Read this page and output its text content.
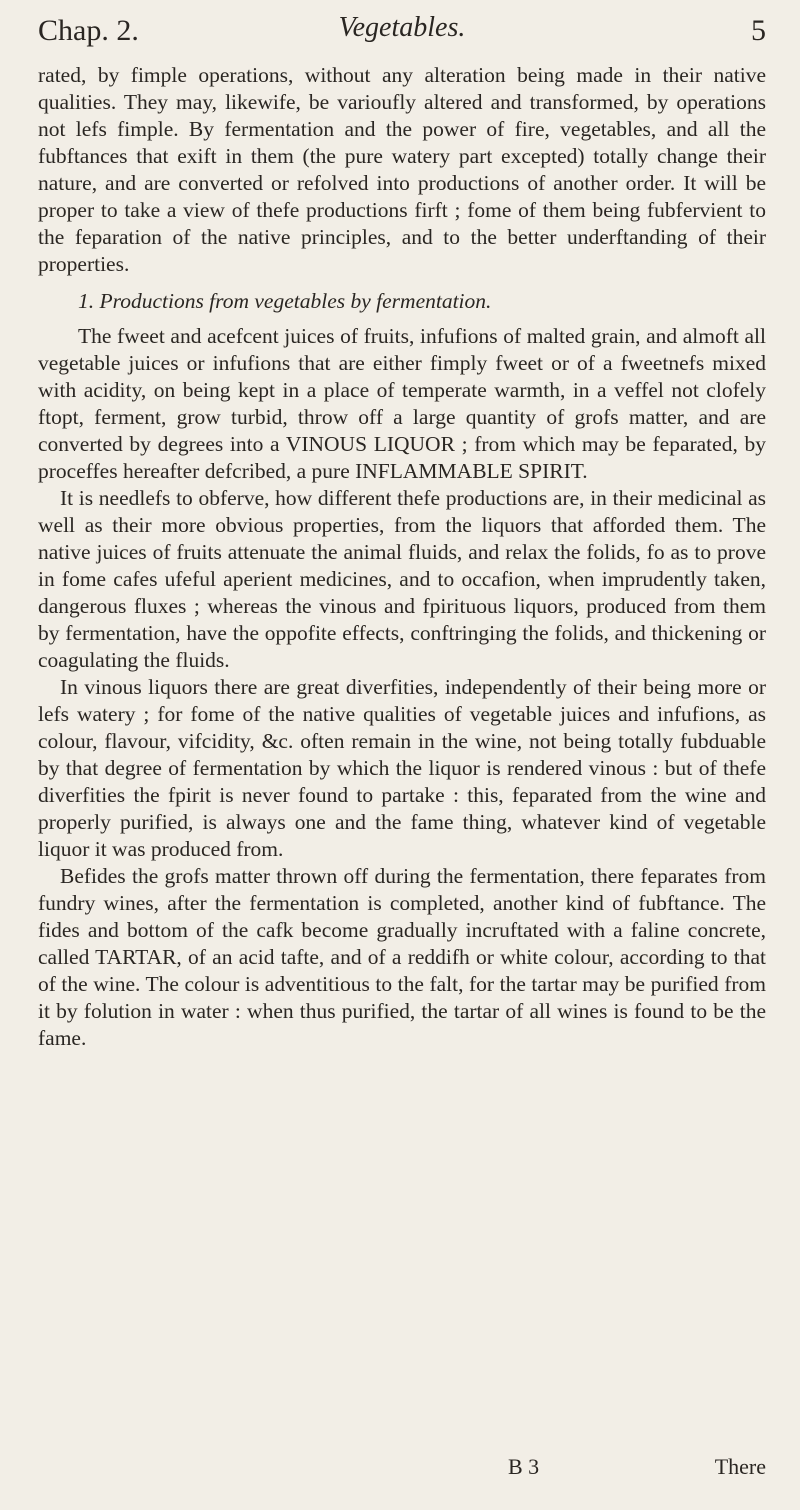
Chap. 2.	Vegetables.	5

rated, by fimple operations, without any alteration being made in their native qualities. They may, likewife, be varioufly altered and transformed, by operations not lefs fimple. By fermentation and the power of fire, vegetables, and all the fubftances that exift in them (the pure watery part excepted) totally change their nature, and are converted or refolved into productions of another order. It will be proper to take a view of thefe productions firft ; fome of them being fubfervient to the feparation of the native principles, and to the better underftanding of their properties.

1. Productions from vegetables by fermentation.

The fweet and acefcent juices of fruits, infufions of malted grain, and almoft all vegetable juices or infufions that are either fimply fweet or of a fweetnefs mixed with acidity, on being kept in a place of temperate warmth, in a veffel not clofely ftopt, ferment, grow turbid, throw off a large quantity of grofs matter, and are converted by degrees into a VINOUS LIQUOR ; from which may be feparated, by proceffes hereafter defcribed, a pure INFLAMMABLE SPIRIT.

It is needlefs to obferve, how different thefe productions are, in their medicinal as well as their more obvious properties, from the liquors that afforded them. The native juices of fruits attenuate the animal fluids, and relax the folids, fo as to prove in fome cafes ufeful aperient medicines, and to occafion, when imprudently taken, dangerous fluxes ; whereas the vinous and fpirituous liquors, produced from them by fermentation, have the oppofite effects, conftringing the folids, and thickening or coagulating the fluids.

In vinous liquors there are great diverfities, independently of their being more or lefs watery ; for fome of the native qualities of vegetable juices and infufions, as colour, flavour, vifcidity, &c. often remain in the wine, not being totally fubduable by that degree of fermentation by which the liquor is rendered vinous : but of thefe diverfities the fpirit is never found to partake : this, feparated from the wine and properly purified, is always one and the fame thing, whatever kind of vegetable liquor it was produced from.

Befides the grofs matter thrown off during the fermentation, there feparates from fundry wines, after the fermentation is completed, another kind of fubftance. The fides and bottom of the cafk become gradually incruftated with a faline concrete, called TARTAR, of an acid tafte, and of a reddifh or white colour, according to that of the wine. The colour is adventitious to the falt, for the tartar may be purified from it by folution in water : when thus purified, the tartar of all wines is found to be the fame.

B 3	There
